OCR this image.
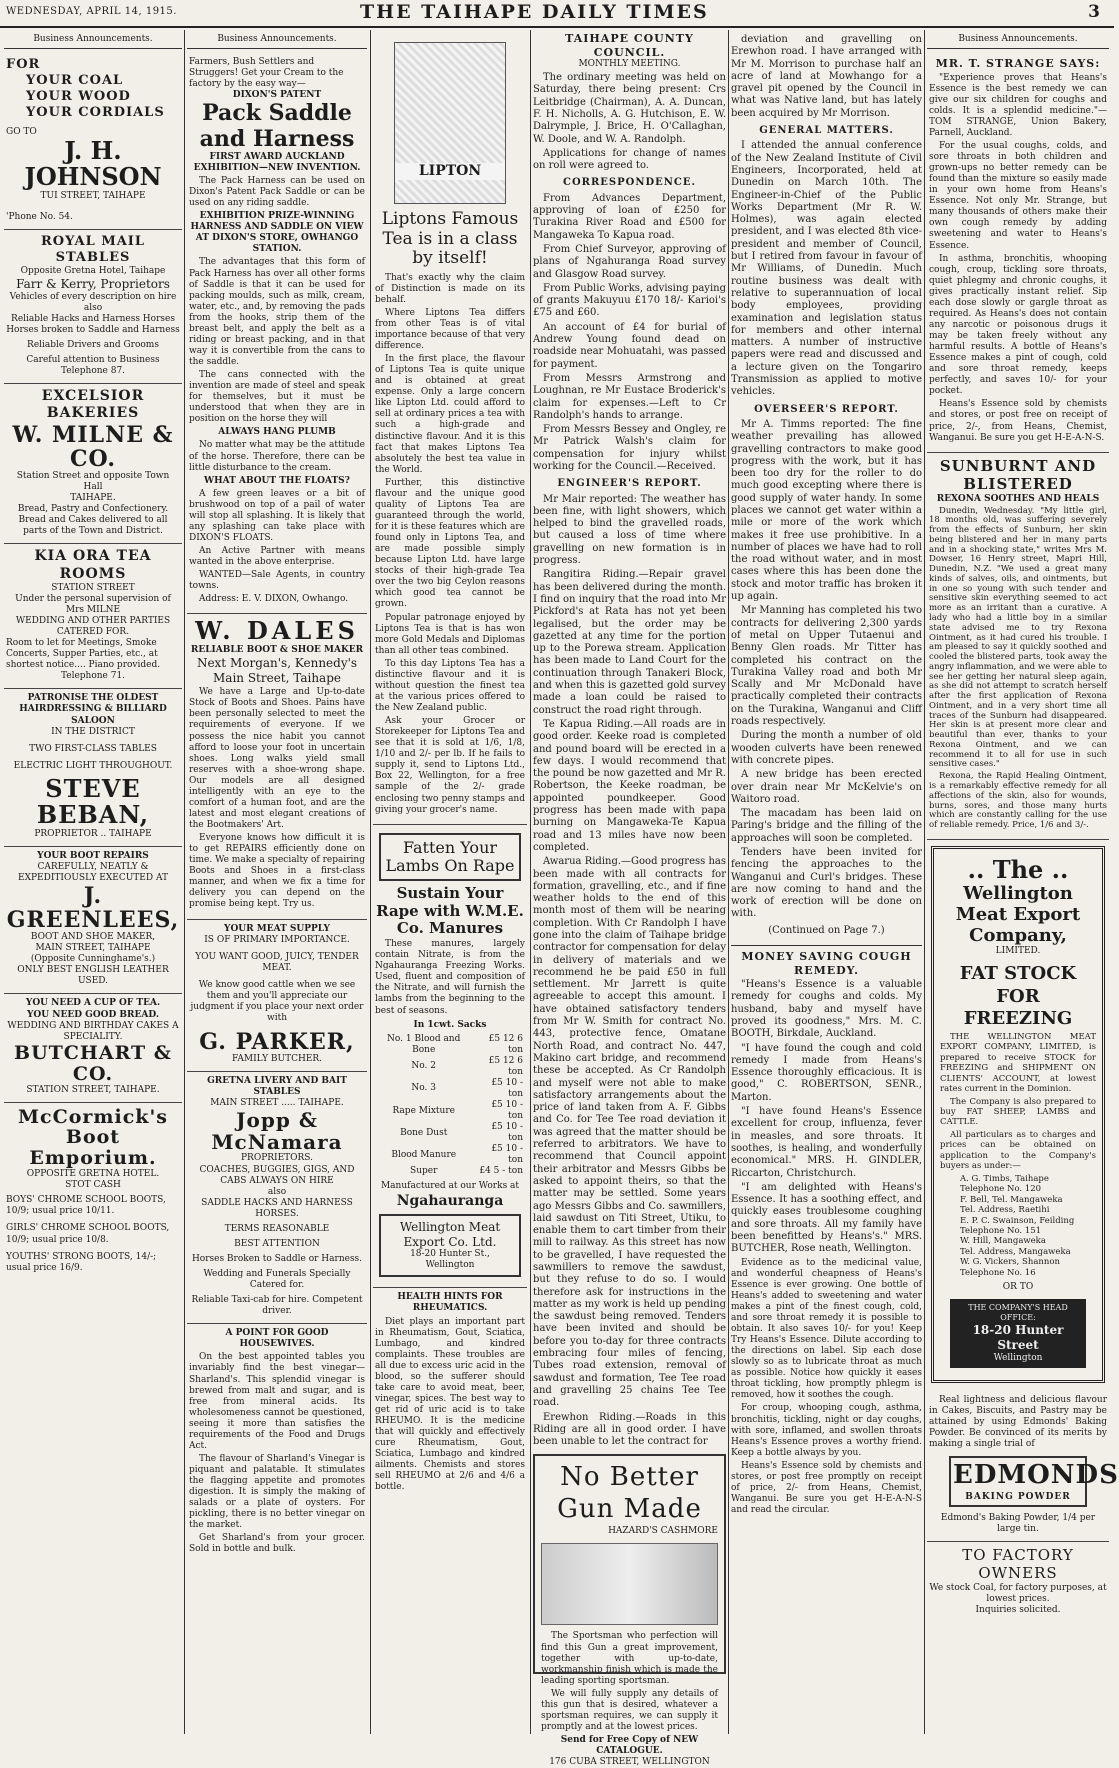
WEDNESDAY, APRIL 14, 1915.	THE TAIHAPE DAILY TIMES	3
Business Announcements.
FOR
YOUR COAL
YOUR WOOD
YOUR CORDIALS
GO TO
J. H. JOHNSON
TUI STREET, TAIHAPE
'Phone No. 54.
ROYAL MAIL STABLES
Opposite Gretna Hotel, Taihape
Farr & Kerry, Proprietors
Vehicles of every description on hire
also
Reliable Hacks and Harness Horses
Horses broken to Saddle and Harness
Reliable Drivers and Grooms
Careful attention to Business
Telephone 87.
EXCELSIOR BAKERIES
W. MILNE & CO.
Station Street and opposite Town Hall
TAIHAPE.
Bread, Pastry and Confectionery.
Bread and Cakes delivered to all parts of the Town and District.
KIA ORA TEA ROOMS
STATION STREET
Under the personal supervision of Mrs MILNE
WEDDING AND OTHER PARTIES CATERED FOR.
Room to let for Meetings, Smoke Concerts, Supper Parties, etc., at shortest notice.... Piano provided.
Telephone 71.
PATRONISE THE OLDEST
HAIRDRESSING & BILLIARD
SALOON
IN THE DISTRICT
TWO FIRST-CLASS TABLES
ELECTRIC LIGHT THROUGHOUT.
STEVE BEBAN,
PROPRIETOR .. TAIHAPE
YOUR BOOT REPAIRS
CAREFULLY, NEATLY & EXPEDITIOUSLY EXECUTED AT
J. GREENLEES,
BOOT AND SHOE MAKER,
MAIN STREET, TAIHAPE
(Opposite Cunninghame's.)
ONLY BEST ENGLISH LEATHER USED.
YOU NEED A CUP OF TEA.
YOU NEED GOOD BREAD.
WEDDING AND BIRTHDAY CAKES A SPECIALITY.
BUTCHART & CO.
STATION STREET, TAIHAPE.
McCormick's Boot Emporium.
OPPOSITE GRETNA HOTEL.
STOT CASH
BOYS' CHROME SCHOOL BOOTS, 10/9; usual price 10/11.
GIRLS' CHROME SCHOOL BOOTS, 10/9; usual price 10/8.
YOUTHS' STRONG BOOTS, 14/-; usual price 16/9.
Business Announcements.
Farmers, Bush Settlers and Struggers! Get your Cream to the factory by the easy way—
DIXON'S PATENT
Pack Saddle and Harness
FIRST AWARD AUCKLAND EXHIBITION—NEW INVENTION.

The Pack Harness can be used on Dixon's Patent Pack Saddle or can be used on any riding saddle.

EXHIBITION PRIZE-WINNING HARNESS AND SADDLE ON VIEW AT DIXON'S STORE, OWHANGO STATION.

The advantages that this form of Pack Harness has over all other forms of Saddle is that it can be used for packing moulds, such as milk, cream, water, etc., and, by removing the pads from the hooks, strip them of the breast belt, and apply the belt as a riding or breast packing, and in that way it is convertible from the cans to the saddle.

The cans connected with the invention are made of steel and speak for themselves, but it must be understood that when they are in position on the horse they will

ALWAYS HANG PLUMB

No matter what may be the attitude of the horse. Therefore, there can be little disturbance to the cream.

WHAT ABOUT THE FLOATS?

A few green leaves or a bit of brushwood on top of a pail of water will stop all splashing. It is likely that any splashing can take place with DIXON'S FLOATS.

An Active Partner with means wanted in the above enterprise.

WANTED—Sale Agents, in country towns.

Address: E. V. DIXON, Owhango.

W. DALES
RELIABLE BOOT & SHOE MAKER
Next Morgan's, Kennedy's Main Street, Taihape

We have a Large and Up-to-date Stock of Boots and Shoes. Pains have been personally selected to meet the requirements of everyone. If we possess the nice habit you cannot afford to loose your foot in uncertain shoes. Long walks yield small reserves with a shoe-wrong shape. Our models are all designed intelligently with an eye to the comfort of a human foot, and are the latest and most elegant creations of the Bootmakers' Art.

Everyone knows how difficult it is to get REPAIRS efficiently done on time. We make a specialty of repairing Boots and Shoes in a first-class manner, and when we fix a time for delivery you can depend on the promise being kept. Try us.

YOUR MEAT SUPPLY
IS OF PRIMARY IMPORTANCE.
YOU WANT GOOD, JUICY, TENDER MEAT.
We know good cattle when we see them and you'll appreciate our judgment if you place your next order with
G. PARKER,
FAMILY BUTCHER.
GRETNA LIVERY AND BAIT STABLES
MAIN STREET ..... TAIHAPE.
Jopp & McNamara
PROPRIETORS.
COACHES, BUGGIES, GIGS, AND CABS ALWAYS ON HIRE
also
SADDLE HACKS AND HARNESS HORSES.
TERMS REASONABLE
BEST ATTENTION
Horses Broken to Saddle or Harness.
Wedding and Funerals Specially Catered for.
Reliable Taxi-cab for hire. Competent driver.
A POINT FOR GOOD HOUSEWIVES.

On the best appointed tables you invariably find the best vinegar—Sharland's. This splendid vinegar is brewed from malt and sugar, and is free from mineral acids. Its wholesomeness cannot be questioned, seeing it more than satisfies the requirements of the Food and Drugs Act.

The flavour of Sharland's Vinegar is piquant and palatable. It stimulates the flagging appetite and promotes digestion. It is simply the making of salads or a plate of oysters. For pickling, there is no better vinegar on the market.

Get Sharland's from your grocer. Sold in bottle and bulk.

LIPTON
Liptons Famous Tea is in a class by itself!

That's exactly why the claim of Distinction is made on its behalf.

Where Liptons Tea differs from other Teas is of vital importance because of that very difference.

In the first place, the flavour of Liptons Tea is quite unique and is obtained at great expense. Only a large concern like Lipton Ltd. could afford to sell at ordinary prices a tea with such a high-grade and distinctive flavour. And it is this fact that makes Liptons Tea absolutely the best tea value in the World.

Further, this distinctive flavour and the unique good quality of Liptons Tea are guaranteed through the world, for it is these features which are found only in Liptons Tea, and are made possible simply because Lipton Ltd. have large stocks of their high-grade Tea over the two big Ceylon reasons which good tea cannot be grown.

Popular patronage enjoyed by Liptons Tea is that is has won more Gold Medals and Diplomas than all other teas combined.

To this day Liptons Tea has a distinctive flavour and it is without question the finest tea at the various prices offered to the New Zealand public.

Ask your Grocer or Storekeeper for Liptons Tea and see that it is sold at 1/6, 1/8, 1/10 and 2/- per lb. If he fails to supply it, send to Liptons Ltd., Box 22, Wellington, for a free sample of the 2/- grade enclosing two penny stamps and giving your grocer's name.

Fatten Your Lambs On Rape
Sustain Your Rape with W.M.E. Co. Manures

These manures, largely contain Nitrate, is from the Ngahauranga Freezing Works. Used, fluent and composition of the Nitrate, and will furnish the lambs from the beginning to the best of seasons.

In 1cwt. Sacks
No. 1 Blood and Bone	£5 12 6 ton
No. 2	£5 12 6 ton
No. 3	£5 10 - ton
Rape Mixture	£5 10 - ton
Bone Dust	£5 10 - ton
Blood Manure	£5 10 - ton
Super	£4 5 - ton
Manufactured at our Works at
Ngahauranga
Wellington Meat Export Co. Ltd.
18-20 Hunter St., Wellington
HEALTH HINTS FOR RHEUMATICS.

Diet plays an important part in Rheumatism, Gout, Sciatica, Lumbago, and kindred complaints. These troubles are all due to excess uric acid in the blood, so the sufferer should take care to avoid meat, beer, vinegar, spices. The best way to get rid of uric acid is to take RHEUMO. It is the medicine that will quickly and effectively cure Rheumatism, Gout, Sciatica, Lumbago and kindred ailments. Chemists and stores sell RHEUMO at 2/6 and 4/6 a bottle.

TAIHAPE COUNTY COUNCIL.
MONTHLY MEETING.

The ordinary meeting was held on Saturday, there being present: Crs Leitbridge (Chairman), A. A. Duncan, F. H. Nicholls, A. G. Hutchison, E. W. Dalrymple, J. Brice, H. O'Callaghan, W. Doole, and W. A. Randolph.

Applications for change of names on roll were agreed to.

CORRESPONDENCE.

From Advances Department, approving of loan of £250 for Turakina River Road and £500 for Mangaweka To Kapua road.

From Chief Surveyor, approving of plans of Ngahuranga Road survey and Glasgow Road survey.

From Public Works, advising paying of grants Makuyuu £170 18/- Karioi's £75 and £60.

An account of £4 for burial of Andrew Young found dead on roadside near Mohuatahi, was passed for payment.

From Messrs Armstrong and Loughnan, re Mr Eustace Broderick's claim for expenses.—Left to Cr Randolph's hands to arrange.

From Messrs Bessey and Ongley, re Mr Patrick Walsh's claim for compensation for injury whilst working for the Council.—Received.

ENGINEER'S REPORT.

Mr Mair reported: The weather has been fine, with light showers, which helped to bind the gravelled roads, but caused a loss of time where gravelling on new formation is in progress.

Rangitira Riding.—Repair gravel has been delivered during the month. I find on inquiry that the road into Mr Pickford's at Rata has not yet been legalised, but the order may be gazetted at any time for the portion up to the Porewa stream. Application has been made to Land Court for the continuation through Tanakeri Block, and when this is gazetted gold survey made a loan could be raised to construct the road right through.

Te Kapua Riding.—All roads are in good order. Keeke road is completed and pound board will be erected in a few days. I would recommend that the pound be now gazetted and Mr R. Robertson, the Keeke roadman, be appointed poundkeeper. Good progress has been made with papa burning on Mangaweka-Te Kapua road and 13 miles have now been completed.

Awarua Riding.—Good progress has been made with all contracts for formation, gravelling, etc., and if fine weather holds to the end of this month most of them will be nearing completion. With Cr Randolph I have gone into the claim of Taihape bridge contractor for compensation for delay in delivery of materials and we recommend he be paid £50 in full settlement. Mr Jarrett is quite agreeable to accept this amount. I have obtained satisfactory tenders from Mr W. Smith for contract No. 443, protective fence, Omatane North Road, and contract No. 447, Makino cart bridge, and recommend these be accepted. As Cr Randolph and myself were not able to make satisfactory arrangements about the price of land taken from A. F. Gibbs and Co. for Tee Tee road deviation it was agreed that the matter should be referred to arbitrators. We have to recommend that Council appoint their arbitrator and Messrs Gibbs be asked to appoint theirs, so that the matter may be settled. Some years ago Messrs Gibbs and Co. sawmillers, laid sawdust on Titi Street, Utiku, to enable them to cart timber from their mill to railway. As this street has now to be gravelled, I have requested the sawmillers to remove the sawdust, but they refuse to do so. I would therefore ask for instructions in the matter as my work is held up pending the sawdust being removed. Tenders have been invited and should be before you to-day for three contracts embracing four miles of fencing, Tubes road extension, removal of sawdust and formation, Tee Tee road and gravelling 25 chains Tee Tee road.

Erewhon Riding.—Roads in this Riding are all in good order. I have been unable to let the contract for

No Better Gun Made
HAZARD'S CASHMORE

The Sportsman who perfection will find this Gun a great improvement, together with up-to-date, workmanship finish which is made the leading sporting sportsman.

We will fully supply any details of this gun that is desired, whatever a sportsman requires, we can supply it promptly and at the lowest prices.

Send for Free Copy of NEW CATALOGUE.
176 CUBA STREET, WELLINGTON

deviation and gravelling on Erewhon road. I have arranged with Mr M. Morrison to purchase half an acre of land at Mowhango for a gravel pit opened by the Council in what was Native land, but has lately been acquired by Mr Morrison.

GENERAL MATTERS.

I attended the annual conference of the New Zealand Institute of Civil Engineers, Incorporated, held at Dunedin on March 10th. The Engineer-in-Chief of the Public Works Department (Mr R. W. Holmes), was again elected president, and I was elected 8th vice-president and member of Council, but I retired from favour in favour of Mr Williams, of Dunedin. Much routine business was dealt with relative to superannuation of local body employees, providing examination and legislation status for members and other internal matters. A number of instructive papers were read and discussed and a lecture given on the Tongariro Transmission as applied to motive vehicles.

OVERSEER'S REPORT.

Mr A. Timms reported: The fine weather prevailing has allowed gravelling contractors to make good progress with the work, but it has been too dry for the roller to do much good excepting where there is good supply of water handy. In some places we cannot get water within a mile or more of the work which makes it free use prohibitive. In a number of places we have had to roll the road without water, and in most cases where this has been done the stock and motor traffic has broken it up again.

Mr Manning has completed his two contracts for delivering 2,300 yards of metal on Upper Tutaenui and Benny Glen roads. Mr Titter has completed his contract on the Turakina Valley road and both Mr Scally and Mr McDonald have practically completed their contracts on the Turakina, Wanganui and Cliff roads respectively.

During the month a number of old wooden culverts have been renewed with concrete pipes.

A new bridge has been erected over drain near Mr McKelvie's on Waitoro road.

The macadam has been laid on Paring's bridge and the filling of the approaches will soon be completed.

Tenders have been invited for fencing the approaches to the Wanganui and Curl's bridges. These are now coming to hand and the work of erection will be done on with.

(Continued on Page 7.)
MONEY SAVING COUGH REMEDY.

"Heans's Essence is a valuable remedy for coughs and colds. My husband, baby and myself have proved its goodness," Mrs. M. C. BOOTH, Birkdale, Auckland.

"I have found the cough and cold remedy I made from Heans's Essence thoroughly efficacious. It is good," C. ROBERTSON, SENR., Marton.

"I have found Heans's Essence excellent for croup, influenza, fever in measles, and sore throats. It soothes, is healing, and wonderfully economical." MRS. H. GINDLER, Riccarton, Christchurch.

"I am delighted with Heans's Essence. It has a soothing effect, and quickly eases troublesome coughing and sore throats. All my family have been benefitted by Heans's." MRS. BUTCHER, Rose neath, Wellington.

Evidence as to the medicinal value, and wonderful cheapness of Heans's Essence is ever growing. One bottle of Heans's added to sweetening and water makes a pint of the finest cough, cold, and sore throat remedy it is possible to obtain. It also saves 10/- for you! Keep Try Heans's Essence. Dilute according to the directions on label. Sip each dose slowly so as to lubricate throat as much as possible. Notice how quickly it eases throat tickling, how promptly phlegm is removed, how it soothes the cough.

For croup, whooping cough, asthma, bronchitis, tickling, night or day coughs, with sore, inflamed, and swollen throats Heans's Essence proves a worthy friend. Keep a bottle always by you.

Heans's Essence sold by chemists and stores, or post free promptly on receipt of price, 2/- from Heans, Chemist, Wanganui. Be sure you get H-E-A-N-S and read the circular.

Business Announcements.
MR. T. STRANGE SAYS:

"Experience proves that Heans's Essence is the best remedy we can give our six children for coughs and colds. It is a splendid medicine."—TOM STRANGE, Union Bakery, Parnell, Auckland.

For the usual coughs, colds, and sore throats in both children and grown-ups no better remedy can be found than the mixture so easily made in your own home from Heans's Essence. Not only Mr. Strange, but many thousands of others make their own cough remedy by adding sweetening and water to Heans's Essence.

In asthma, bronchitis, whooping cough, croup, tickling sore throats, quiet phlegmy and chronic coughs, it gives practically instant relief. Sip each dose slowly or gargle throat as required. As Heans's does not contain any narcotic or poisonous drugs it may be taken freely without any harmful results. A bottle of Heans's Essence makes a pint of cough, cold and sore throat remedy, keeps perfectly, and saves 10/- for your pocket.

Heans's Essence sold by chemists and stores, or post free on receipt of price, 2/-, from Heans, Chemist, Wanganui. Be sure you get H-E-A-N-S.

SUNBURNT AND BLISTERED
REXONA SOOTHES AND HEALS

Dunedin, Wednesday. "My little girl, 18 months old, was suffering severely from the effects of Sunburn, her skin being blistered and her in many parts and in a shocking state," writes Mrs M. Dowser, 16 Henry street, Mapri Hill, Dunedin, N.Z. "We used a great many kinds of salves, oils, and ointments, but in one so young with such tender and sensitive skin everything seemed to act more as an irritant than a curative. A lady who had a little boy in a similar state advised me to try Rexona Ointment, as it had cured his trouble. I am pleased to say it quickly soothed and cooled the blistered parts, took away the angry inflammation, and we were able to see her getting her natural sleep again, as she did not attempt to scratch herself after the first application of Rexona Ointment, and in a very short time all traces of the Sunburn had disappeared. Her skin is at present more clear and beautiful than ever, thanks to your Rexona Ointment, and we can recommend it to all for use in such sensitive cases."

Rexona, the Rapid Healing Ointment, is a remarkably effective remedy for all affections of the skin, also for wounds, burns, sores, and those many hurts which are constantly calling for the use of reliable remedy. Price, 1/6 and 3/-.

.. The ..
Wellington Meat Export Company,
LIMITED.
FAT STOCK FOR FREEZING

THE WELLINGTON MEAT EXPORT COMPANY, LIMITED, is prepared to receive STOCK for FREEZING and SHIPMENT ON CLIENTS' ACCOUNT, at lowest rates current in the Dominion.

The Company is also prepared to buy FAT SHEEP, LAMBS and CATTLE.

All particulars as to charges and prices can be obtained on application to the Company's buyers as under:—

A. G. Timbs, Taihape
Telephone No. 120
F. Bell, Tel. Mangaweka
Tel. Address, Raetihi
E. P. C. Swainson, Feilding
Telephone No. 151
W. Hill, Mangaweka
Tel. Address, Mangaweka
W. G. Vickers, Shannon
Telephone No. 16
OR TO
THE COMPANY'S HEAD OFFICE:
18-20 Hunter Street
Wellington

Real lightness and delicious flavour in Cakes, Biscuits, and Pastry may be attained by using Edmonds' Baking Powder. Be convinced of its merits by making a single trial of

EDMONDS
BAKING POWDER
Edmond's Baking Powder, 1/4 per large tin.
TO FACTORY OWNERS
We stock Coal, for factory purposes, at lowest prices.
Inquiries solicited.
